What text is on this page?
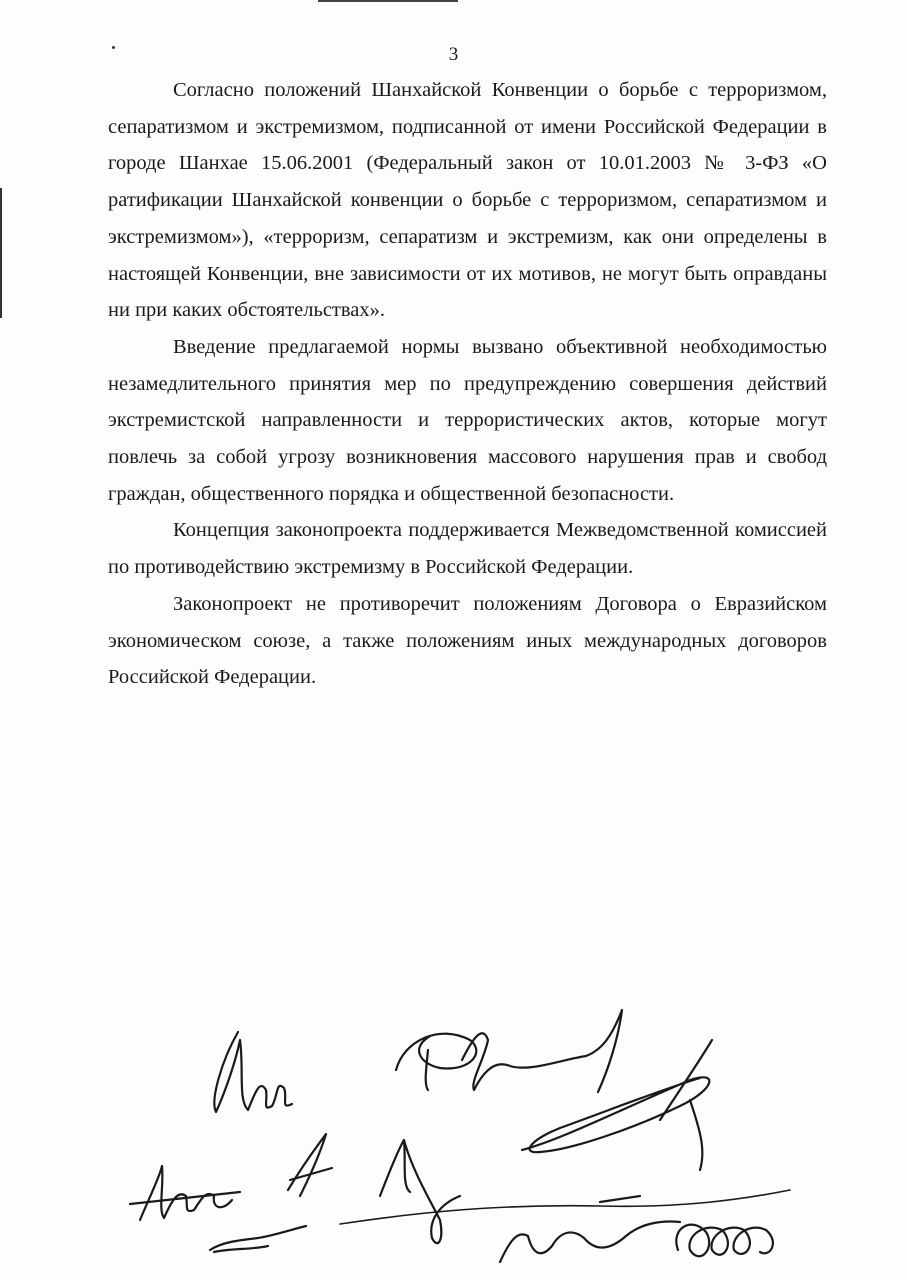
3

Согласно положений Шанхайской Конвенции о борьбе с терроризмом, сепаратизмом и экстремизмом, подписанной от имени Российской Федерации в городе Шанхае 15.06.2001 (Федеральный закон от 10.01.2003 № 3-ФЗ «О ратификации Шанхайской конвенции о борьбе с терроризмом, сепаратизмом и экстремизмом»), «терроризм, сепаратизм и экстремизм, как они определены в настоящей Конвенции, вне зависимости от их мотивов, не могут быть оправданы ни при каких обстоятельствах».

Введение предлагаемой нормы вызвано объективной необходимостью незамедлительного принятия мер по предупреждению совершения действий экстремистской направленности и террористических актов, которые могут повлечь за собой угрозу возникновения массового нарушения прав и свобод граждан, общественного порядка и общественной безопасности.

Концепция законопроекта поддерживается Межведомственной комиссией по противодействию экстремизму в Российской Федерации.

Законопроект не противоречит положениям Договора о Евразийском экономическом союзе, а также положениям иных международных договоров Российской Федерации.
